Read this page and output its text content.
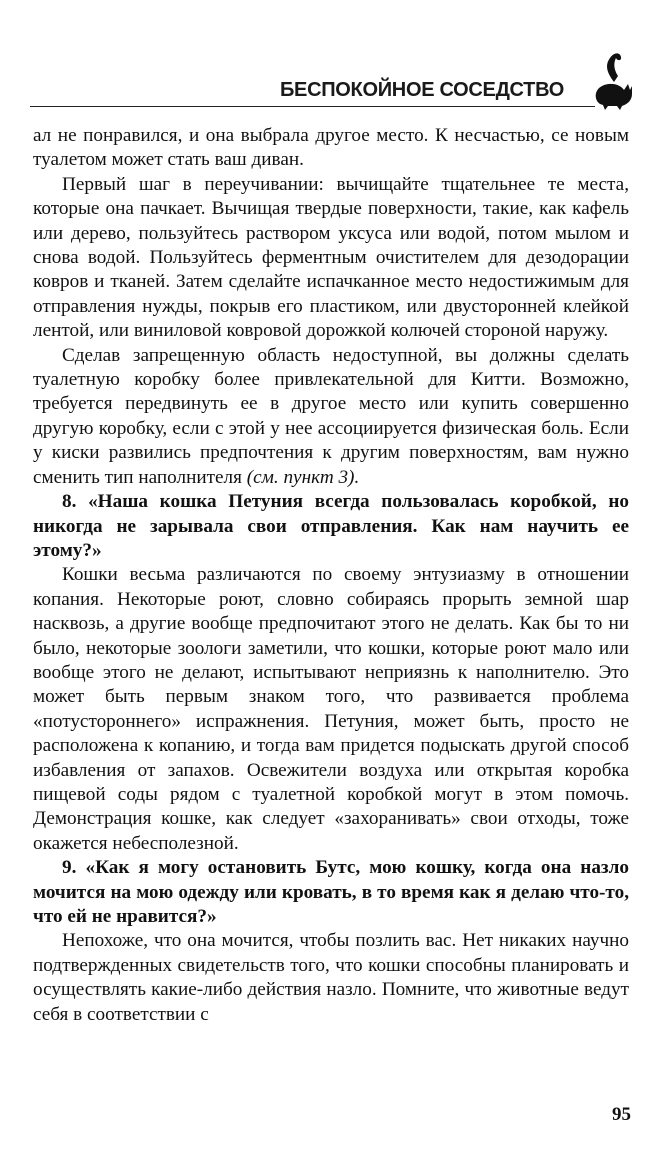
БЕСПОКОЙНОЕ СОСЕДСТВО

ал не понравился, и она выбрала другое место. К несчастью, се новым туалетом может стать ваш диван.

Первый шаг в переучивании: вычищайте тщательнее те места, которые она пачкает. Вычищая твердые поверхности, такие, как кафель или дерево, пользуйтесь раствором уксуса или водой, потом мылом и снова водой. Пользуйтесь ферментным очистителем для дезодорации ковров и тканей. Затем сделайте испачканное место недостижимым для отправления нужды, покрыв его пластиком, или двусторонней клейкой лентой, или виниловой ковровой дорожкой колючей стороной наружу.

Сделав запрещенную область недоступной, вы должны сделать туалетную коробку более привлекательной для Китти. Возможно, требуется передвинуть ее в другое место или купить совершенно другую коробку, если с этой у нее ассоциируется физическая боль. Если у киски развились предпочтения к другим поверхностям, вам нужно сменить тип наполнителя (см. пункт 3).

8. «Наша кошка Петуния всегда пользовалась коробкой, но никогда не зарывала свои отправления. Как нам научить ее этому?»

Кошки весьма различаются по своему энтузиазму в отношении копания. Некоторые роют, словно собираясь прорыть земной шар насквозь, а другие вообще предпочитают этого не делать. Как бы то ни было, некоторые зоологи заметили, что кошки, которые роют мало или вообще этого не делают, испытывают неприязнь к наполнителю. Это может быть первым знаком того, что развивается проблема «потустороннего» испражнения. Петуния, может быть, просто не расположена к копанию, и тогда вам придется подыскать другой способ избавления от запахов. Освежители воздуха или открытая коробка пищевой соды рядом с туалетной коробкой могут в этом помочь. Демонстрация кошке, как следует «захоранивать» свои отходы, тоже окажется небесполезной.

9. «Как я могу остановить Бутс, мою кошку, когда она назло мочится на мою одежду или кровать, в то время как я делаю что-то, что ей не нравится?»

Непохоже, что она мочится, чтобы позлить вас. Нет никаких научно подтвержденных свидетельств того, что кошки способны планировать и осуществлять какие-либо действия назло. Помните, что животные ведут себя в соответствии с

95
